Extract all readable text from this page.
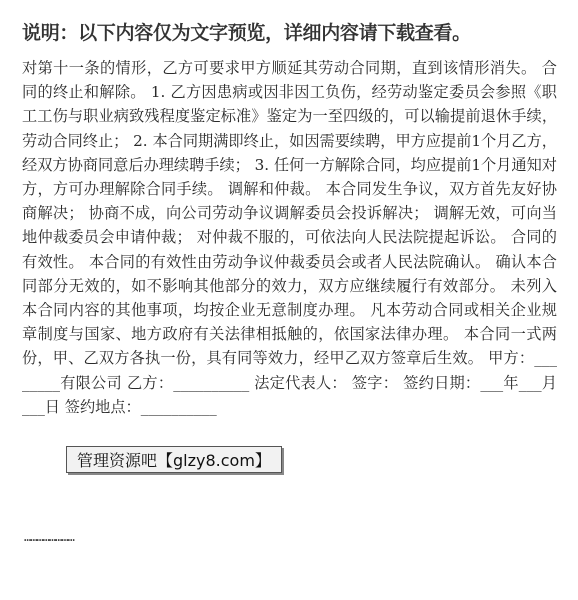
说明：以下内容仅为文字预览，详细内容请下载查看。
对第十一条的情形，乙方可要求甲方顺延其劳动合同期，直到该情形消失。 合同的终止和解除。 1. 乙方因患病或因非因工负伤，经劳动鉴定委员会参照《职工工伤与职业病致残程度鉴定标准》鉴定为一至四级的，可以输提前退休手续，劳动合同终止； 2. 本合同期满即终止，如因需要续聘，甲方应提前1个月乙方，经双方协商同意后办理续聘手续； 3. 任何一方解除合同，均应提前1个月通知对方，方可办理解除合同手续。 调解和仲裁。 本合同发生争议，双方首先友好协商解决； 协商不成，向公司劳动争议调解委员会投诉解决； 调解无效，可向当地仲裁委员会申请仲裁； 对仲裁不服的，可依法向人民法院提起诉讼。 合同的有效性。 本合同的有效性由劳动争议仲裁委员会或者人民法院确认。 确认本合同部分无效的，如不影响其他部分的效力，双方应继续履行有效部分。 未列入本合同内容的其他事项，均按企业无意制度办理。 凡本劳动合同或相关企业规章制度与国家、地方政府有关法律相抵触的，依国家法律办理。 本合同一式两份，甲、乙双方各执一份，具有同等效力，经甲乙双方签章后生效。 甲方：________有限公司 乙方：__________ 法定代表人： 签字： 签约日期：___年___月___日 签约地点：__________
管理资源吧【glzy8.com】
……………………
